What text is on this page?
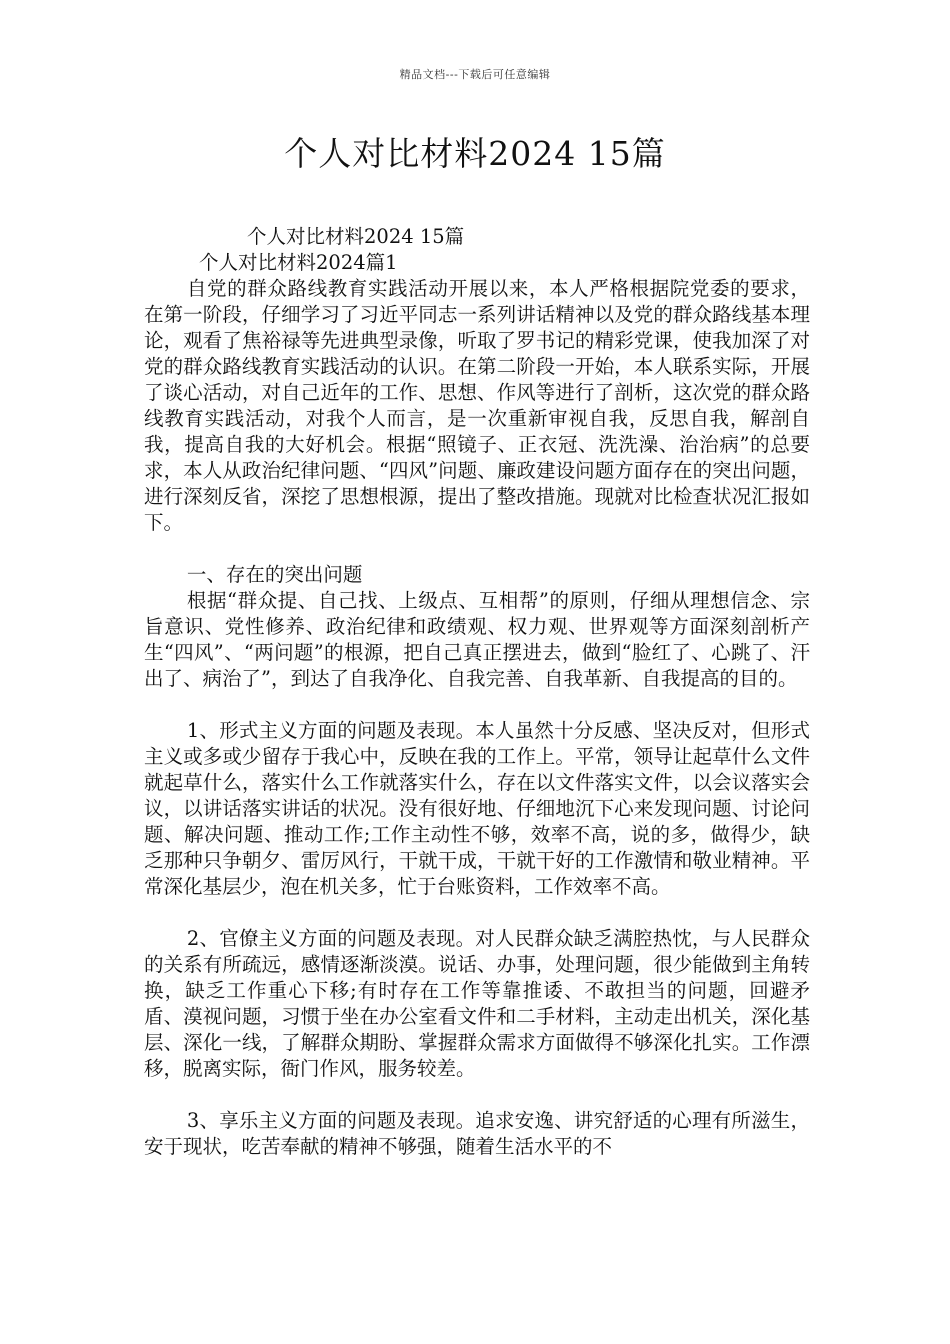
精品文档---下载后可任意编辑
个人对比材料2024 15篇

个人对比材料2024 15篇

个人对比材料2024篇1

自党的群众路线教育实践活动开展以来，本人严格根据院党委的要求，在第一阶段，仔细学习了习近平同志一系列讲话精神以及党的群众路线基本理论，观看了焦裕禄等先进典型录像，听取了罗书记的精彩党课，使我加深了对党的群众路线教育实践活动的认识。在第二阶段一开始，本人联系实际，开展了谈心活动，对自己近年的工作、思想、作风等进行了剖析，这次党的群众路线教育实践活动，对我个人而言，是一次重新审视自我，反思自我，解剖自我，提高自我的大好机会。根据“照镜子、正衣冠、洗洗澡、治治病”的总要求，本人从政治纪律问题、“四风”问题、廉政建设问题方面存在的突出问题，进行深刻反省，深挖了思想根源，提出了整改措施。现就对比检查状况汇报如下。

一、存在的突出问题

根据“群众提、自己找、上级点、互相帮”的原则，仔细从理想信念、宗旨意识、党性修养、政治纪律和政绩观、权力观、世界观等方面深刻剖析产生“四风”、“两问题”的根源，把自己真正摆进去，做到“脸红了、心跳了、汗出了、病治了”，到达了自我净化、自我完善、自我革新、自我提高的目的。

1、形式主义方面的问题及表现。本人虽然十分反感、坚决反对，但形式主义或多或少留存于我心中，反映在我的工作上。平常，领导让起草什么文件就起草什么，落实什么工作就落实什么，存在以文件落实文件，以会议落实会议，以讲话落实讲话的状况。没有很好地、仔细地沉下心来发现问题、讨论问题、解决问题、推动工作;工作主动性不够，效率不高，说的多，做得少，缺乏那种只争朝夕、雷厉风行，干就干成，干就干好的工作激情和敬业精神。平常深化基层少，泡在机关多，忙于台账资料，工作效率不高。

2、官僚主义方面的问题及表现。对人民群众缺乏满腔热忱，与人民群众的关系有所疏远，感情逐渐淡漠。说话、办事，处理问题，很少能做到主角转换，缺乏工作重心下移;有时存在工作等靠推诿、不敢担当的问题，回避矛盾、漠视问题，习惯于坐在办公室看文件和二手材料，主动走出机关，深化基层、深化一线，了解群众期盼、掌握群众需求方面做得不够深化扎实。工作漂移，脱离实际，衙门作风，服务较差。

3、享乐主义方面的问题及表现。追求安逸、讲究舒适的心理有所滋生，安于现状，吃苦奉献的精神不够强，随着生活水平的不
